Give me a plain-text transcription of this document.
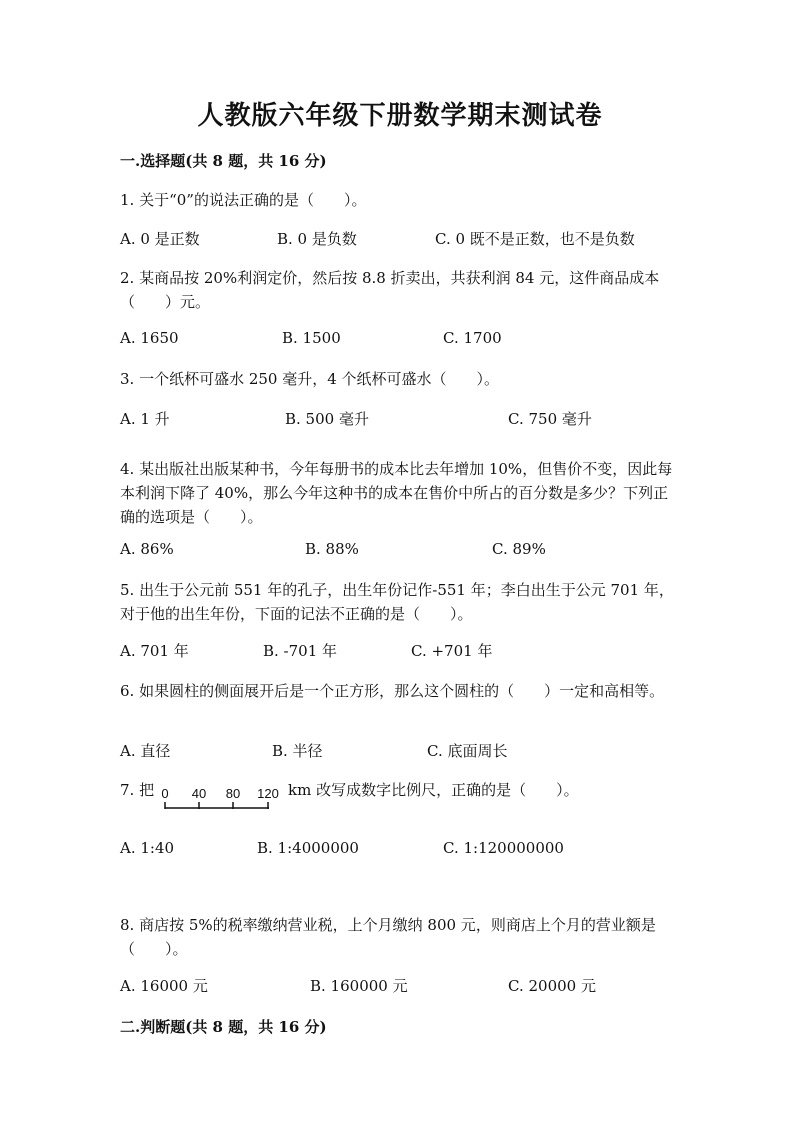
人教版六年级下册数学期末测试卷
一.选择题(共 8 题，共 16 分)
1. 关于“0”的说法正确的是（　　）。
A. 0 是正数	B. 0 是负数	C. 0 既不是正数，也不是负数
2. 某商品按 20%利润定价，然后按 8.8 折卖出，共获利润 84 元，这件商品成本（　　）元。
A. 1650	B. 1500	C. 1700
3. 一个纸杯可盛水 250 毫升，4 个纸杯可盛水（　　）。
A. 1 升	B. 500 毫升	C. 750 毫升
4. 某出版社出版某种书，今年每册书的成本比去年增加 10%，但售价不变，因此每本利润下降了 40%，那么今年这种书的成本在售价中所占的百分数是多少？下列正确的选项是（　　）。
A. 86%	B. 88%	C. 89%
5. 出生于公元前 551 年的孔子，出生年份记作-551 年；李白出生于公元 701 年，对于他的出生年份，下面的记法不正确的是（　　）。
A. 701 年	B. -701 年	C. +701 年
6. 如果圆柱的侧面展开后是一个正方形，那么这个圆柱的（　　）一定和高相等。
A. 直径	B. 半径	C. 底面周长
7. 把 0 40 80 120 km 改写成数字比例尺，正确的是（　　）。
A. 1:40	B. 1:4000000	C. 1:120000000
8. 商店按 5%的税率缴纳营业税，上个月缴纳 800 元，则商店上个月的营业额是（　　）。
A. 16000 元	B. 160000 元	C. 20000 元
二.判断题(共 8 题，共 16 分)
